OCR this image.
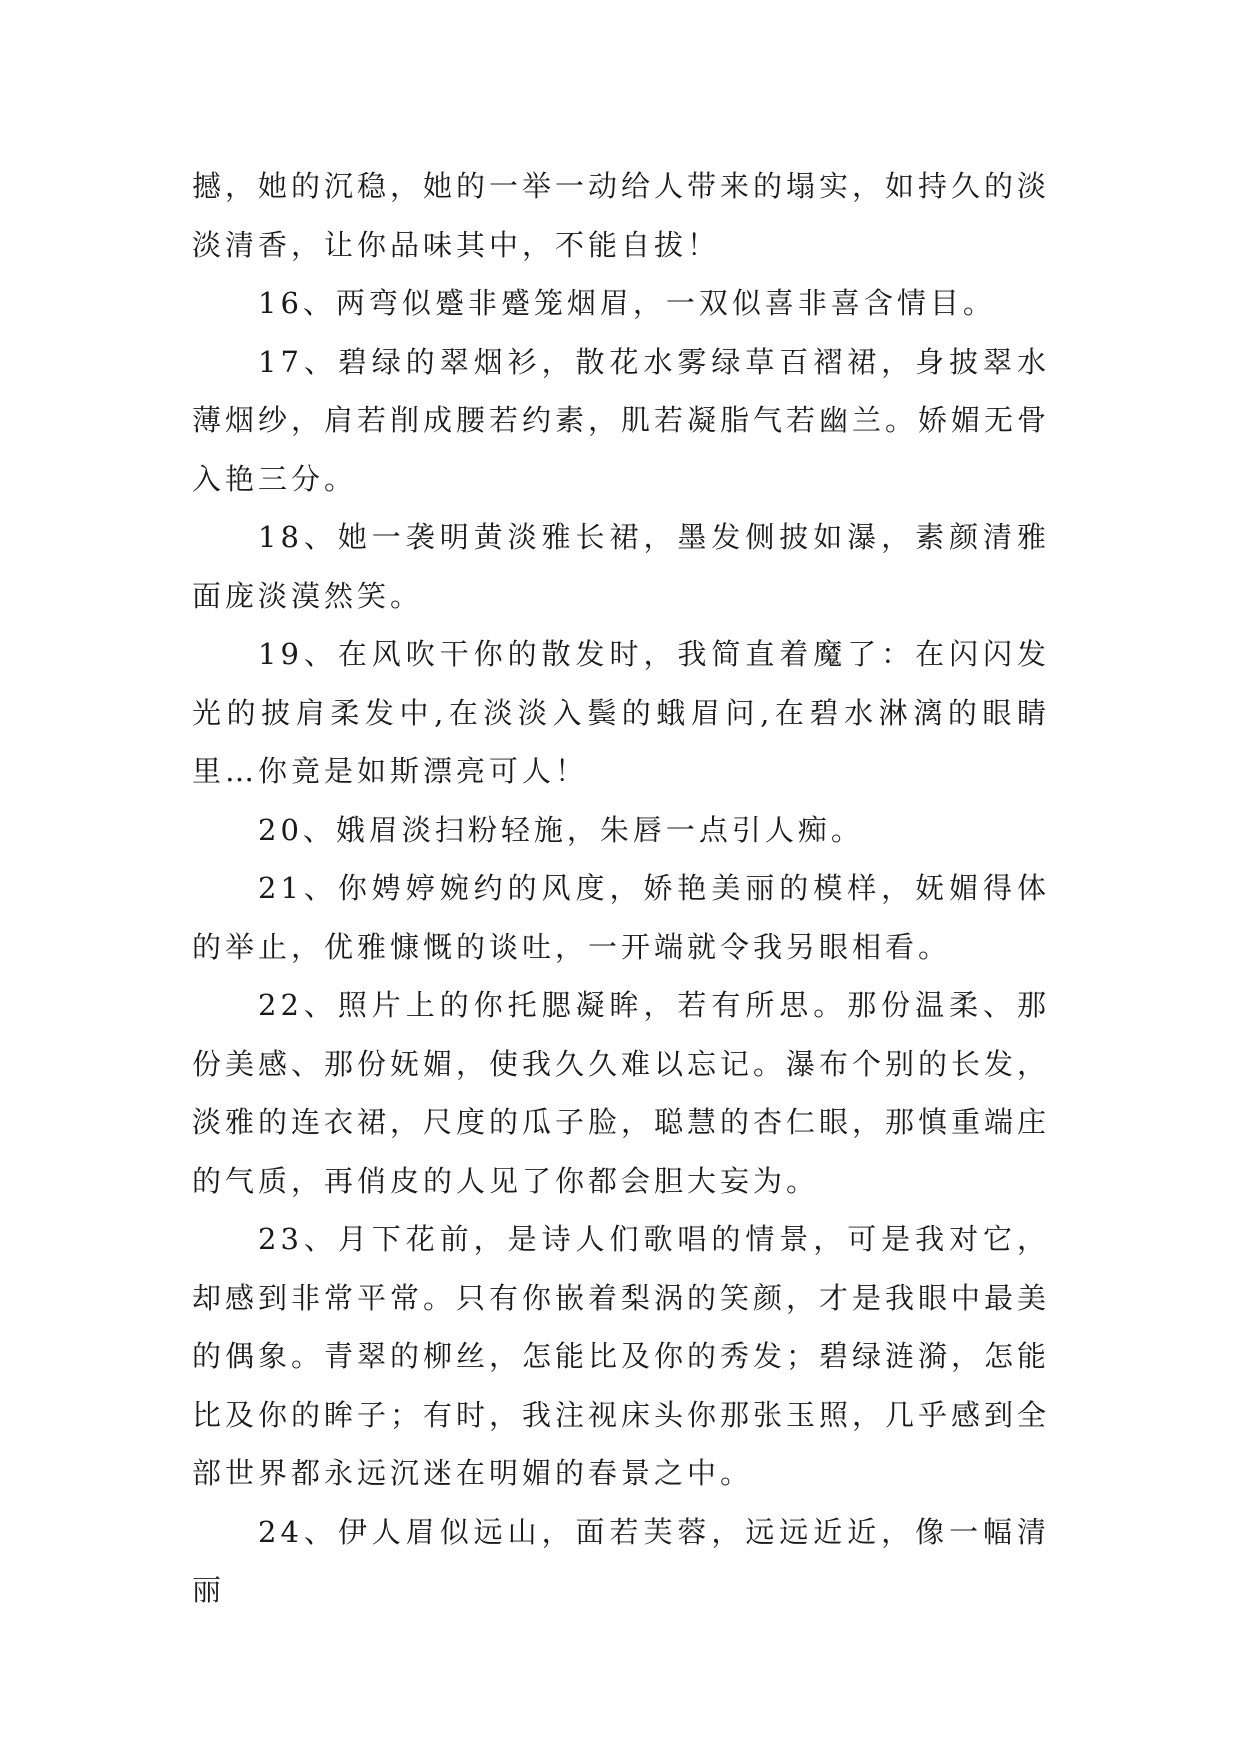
撼，她的沉稳，她的一举一动给人带来的塌实，如持久的淡淡清香，让你品味其中，不能自拔！

16、两弯似蹙非蹙笼烟眉，一双似喜非喜含情目。

17、碧绿的翠烟衫，散花水雾绿草百褶裙，身披翠水薄烟纱，肩若削成腰若约素，肌若凝脂气若幽兰。娇媚无骨入艳三分。

18、她一袭明黄淡雅长裙，墨发侧披如瀑，素颜清雅面庞淡漠然笑。

19、在风吹干你的散发时，我简直着魔了：在闪闪发光的披肩柔发中,在淡淡入鬓的蛾眉问,在碧水淋漓的眼睛里…你竟是如斯漂亮可人！

20、娥眉淡扫粉轻施，朱唇一点引人痴。

21、你娉婷婉约的风度，娇艳美丽的模样，妩媚得体的举止，优雅慷慨的谈吐，一开端就令我另眼相看。

22、照片上的你托腮凝眸，若有所思。那份温柔、那份美感、那份妩媚，使我久久难以忘记。瀑布个别的长发，淡雅的连衣裙，尺度的瓜子脸，聪慧的杏仁眼，那慎重端庄的气质，再俏皮的人见了你都会胆大妄为。

23、月下花前，是诗人们歌唱的情景，可是我对它，却感到非常平常。只有你嵌着梨涡的笑颜，才是我眼中最美的偶象。青翠的柳丝，怎能比及你的秀发；碧绿涟漪，怎能比及你的眸子；有时，我注视床头你那张玉照，几乎感到全部世界都永远沉迷在明媚的春景之中。

24、伊人眉似远山，面若芙蓉，远远近近，像一幅清丽
